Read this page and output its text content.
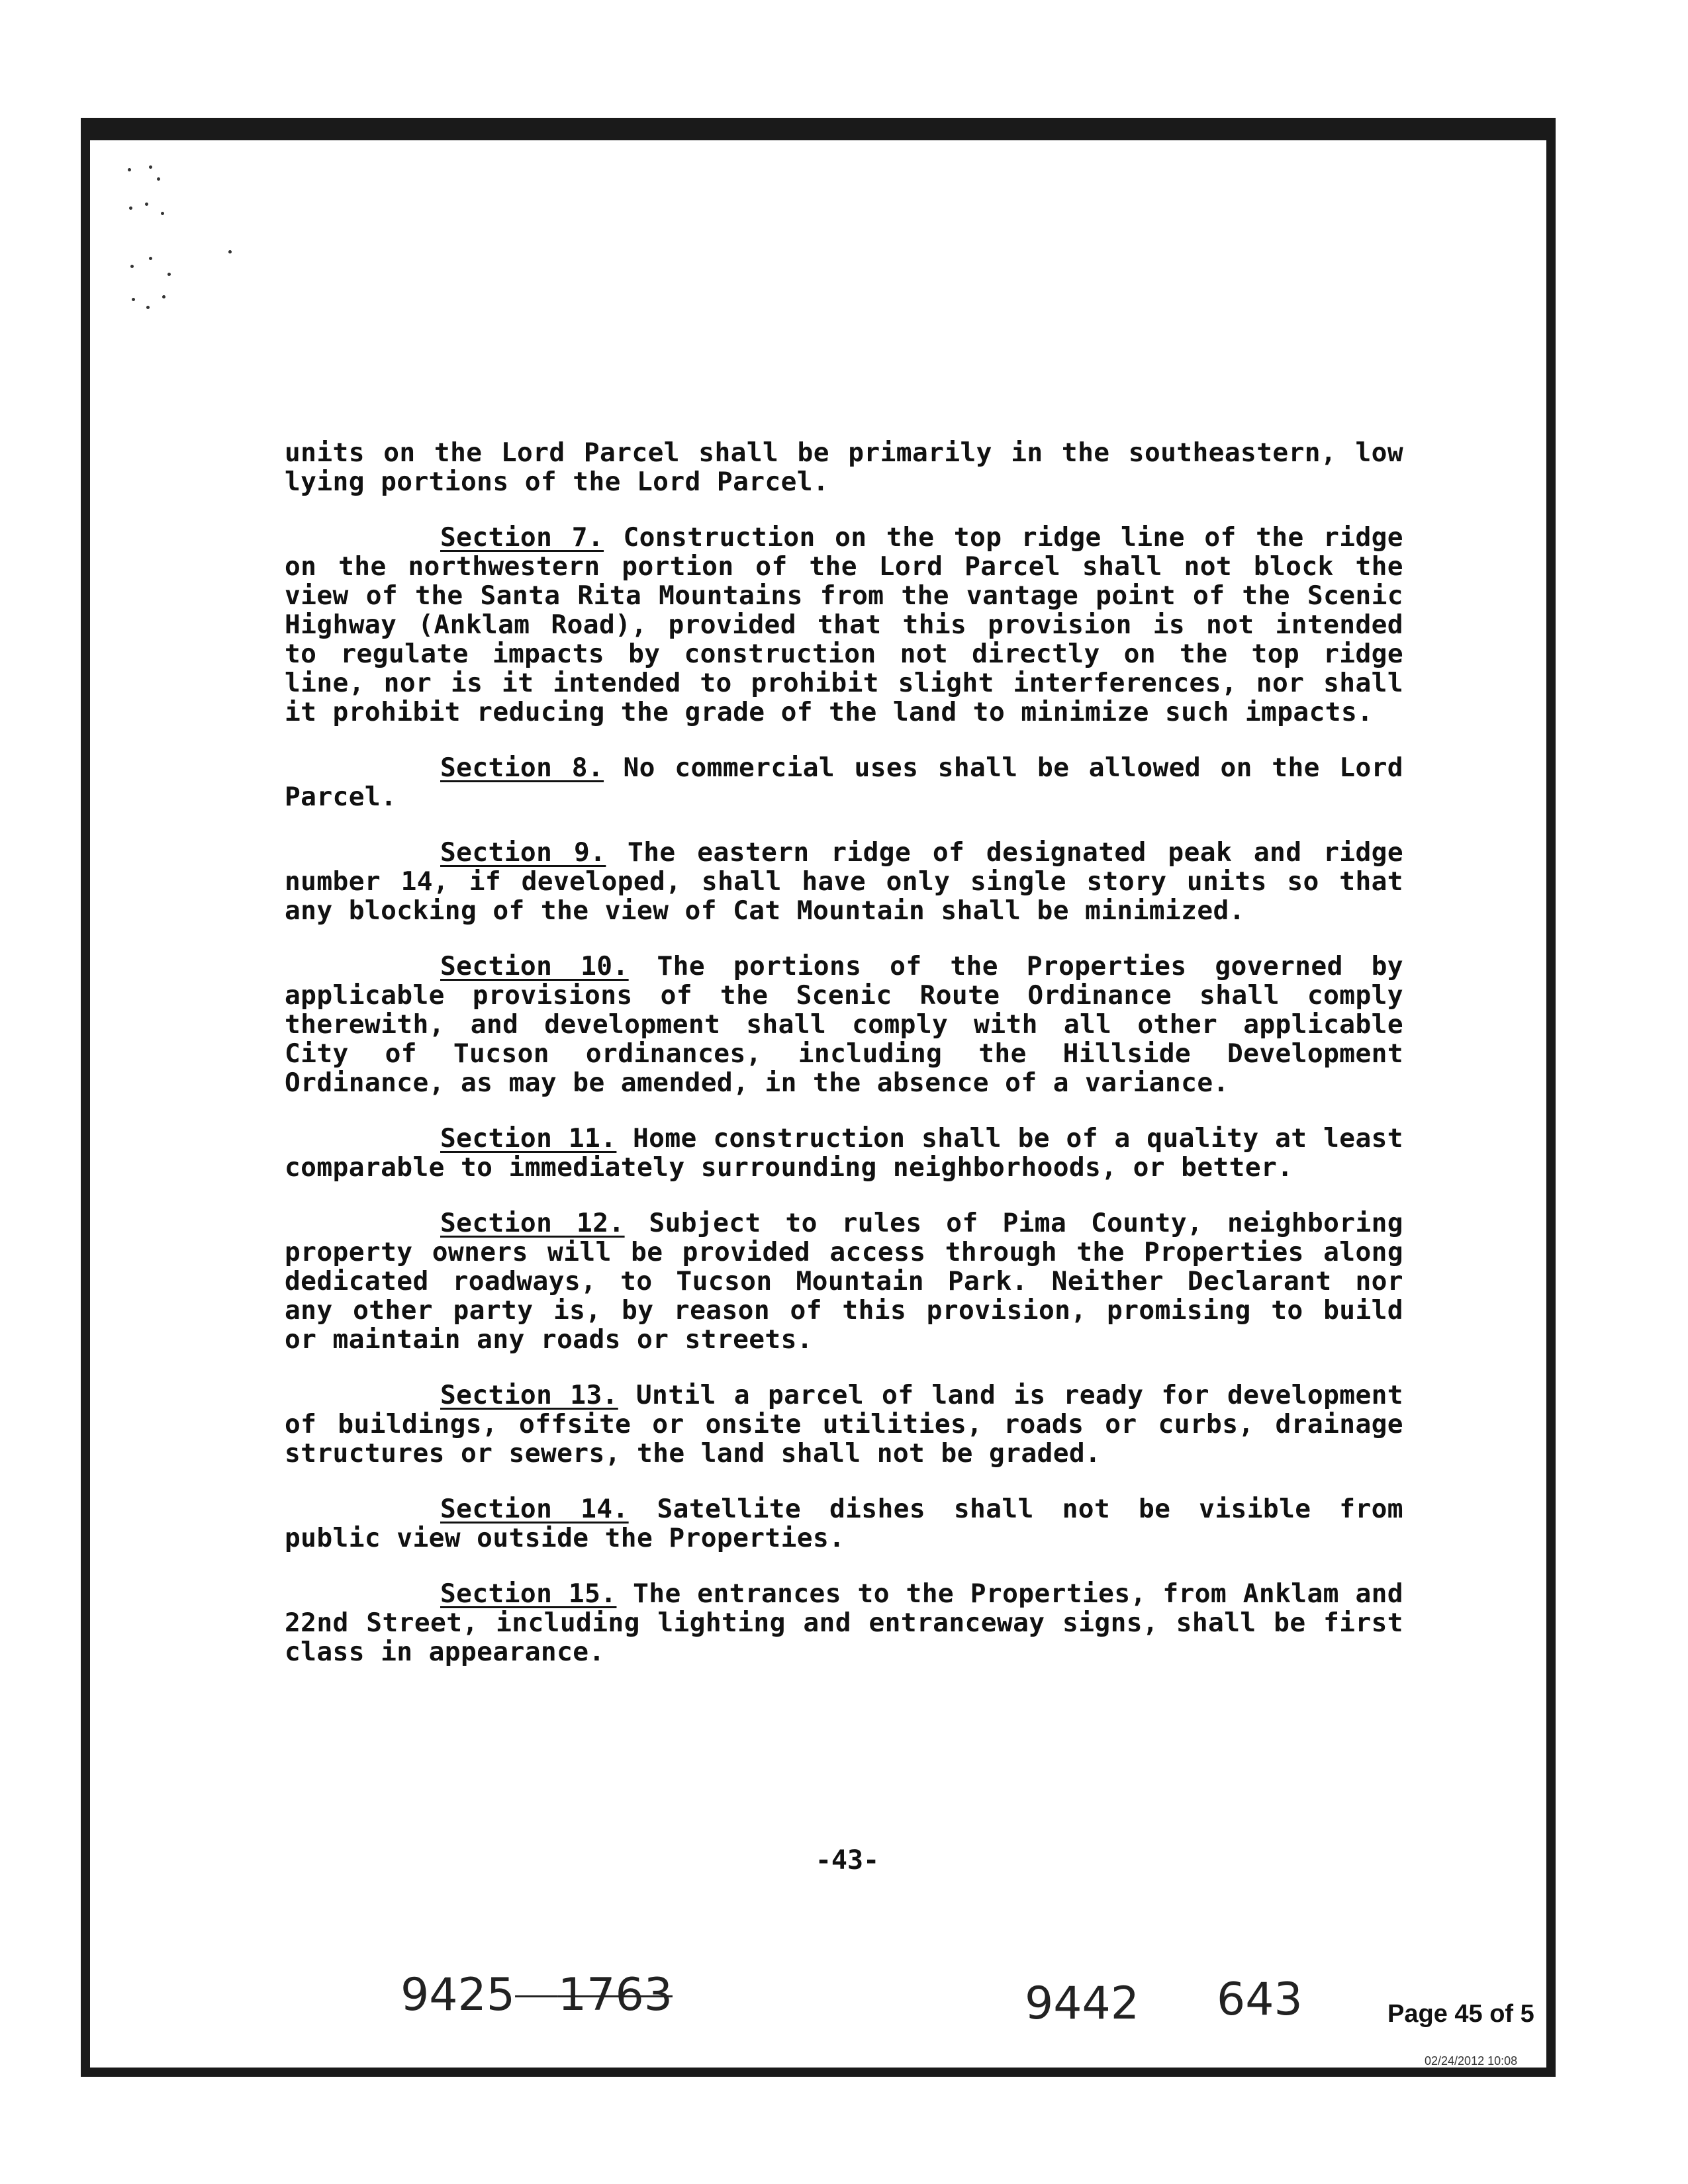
units on the Lord Parcel shall be primarily in the southeastern, low lying portions of the Lord Parcel.

Section 7. Construction on the top ridge line of the ridge on the northwestern portion of the Lord Parcel shall not block the view of the Santa Rita Mountains from the vantage point of the Scenic Highway (Anklam Road), provided that this provision is not intended to regulate impacts by construction not directly on the top ridge line, nor is it intended to prohibit slight interferences, nor shall it prohibit reducing the grade of the land to minimize such impacts.

Section 8. No commercial uses shall be allowed on the Lord Parcel.

Section 9. The eastern ridge of designated peak and ridge number 14, if developed, shall have only single story units so that any blocking of the view of Cat Mountain shall be minimized.

Section 10. The portions of the Properties governed by applicable provisions of the Scenic Route Ordinance shall comply therewith, and development shall comply with all other applicable City of Tucson ordinances, including the Hillside Development Ordinance, as may be amended, in the absence of a variance.

Section 11. Home construction shall be of a quality at least comparable to immediately surrounding neighborhoods, or better.

Section 12. Subject to rules of Pima County, neighboring property owners will be provided access through the Properties along dedicated roadways, to Tucson Mountain Park. Neither Declarant nor any other party is, by reason of this provision, promising to build or maintain any roads or streets.

Section 13. Until a parcel of land is ready for development of buildings, offsite or onsite utilities, roads or curbs, drainage structures or sewers, the land shall not be graded.

Section 14. Satellite dishes shall not be visible from public view outside the Properties.

Section 15. The entrances to the Properties, from Anklam and 22nd Street, including lighting and entranceway signs, shall be first class in appearance.

-43-
9425 1763	9442 643	Page 45 of 5
02/24/2012 10:08
